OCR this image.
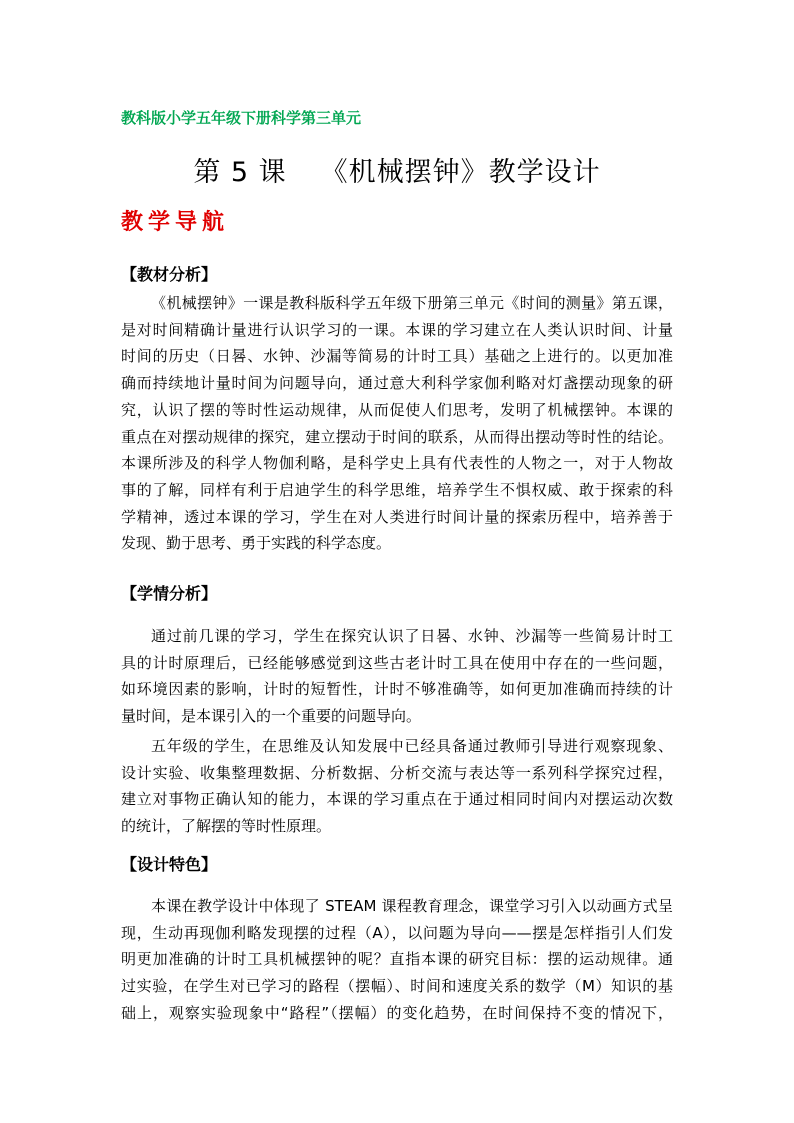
教科版小学五年级下册科学第三单元
第 5 课 《机械摆钟》教学设计
教学导航
【教材分析】
《机械摆钟》一课是教科版科学五年级下册第三单元《时间的测量》第五课，
是对时间精确计量进行认识学习的一课。本课的学习建立在人类认识时间、计量
时间的历史（日晷、水钟、沙漏等简易的计时工具）基础之上进行的。以更加准
确而持续地计量时间为问题导向，通过意大利科学家伽利略对灯盏摆动现象的研
究，认识了摆的等时性运动规律，从而促使人们思考，发明了机械摆钟。本课的
重点在对摆动规律的探究，建立摆动于时间的联系，从而得出摆动等时性的结论。
本课所涉及的科学人物伽利略，是科学史上具有代表性的人物之一，对于人物故
事的了解，同样有利于启迪学生的科学思维，培养学生不惧权威、敢于探索的科
学精神，透过本课的学习，学生在对人类进行时间计量的探索历程中，培养善于
发现、勤于思考、勇于实践的科学态度。
【学情分析】
通过前几课的学习，学生在探究认识了日晷、水钟、沙漏等一些简易计时工
具的计时原理后，已经能够感觉到这些古老计时工具在使用中存在的一些问题，
如环境因素的影响，计时的短暂性，计时不够准确等，如何更加准确而持续的计
量时间，是本课引入的一个重要的问题导向。
五年级的学生，在思维及认知发展中已经具备通过教师引导进行观察现象、
设计实验、收集整理数据、分析数据、分析交流与表达等一系列科学探究过程，
建立对事物正确认知的能力，本课的学习重点在于通过相同时间内对摆运动次数
的统计，了解摆的等时性原理。
【设计特色】
本课在教学设计中体现了 STEAM 课程教育理念，课堂学习引入以动画方式呈
现，生动再现伽利略发现摆的过程（A），以问题为导向——摆是怎样指引人们发
明更加准确的计时工具机械摆钟的呢？直指本课的研究目标：摆的运动规律。通
过实验，在学生对已学习的路程（摆幅）、时间和速度关系的数学（M）知识的基
础上，观察实验现象中“路程”（摆幅）的变化趋势，在时间保持不变的情况下，
